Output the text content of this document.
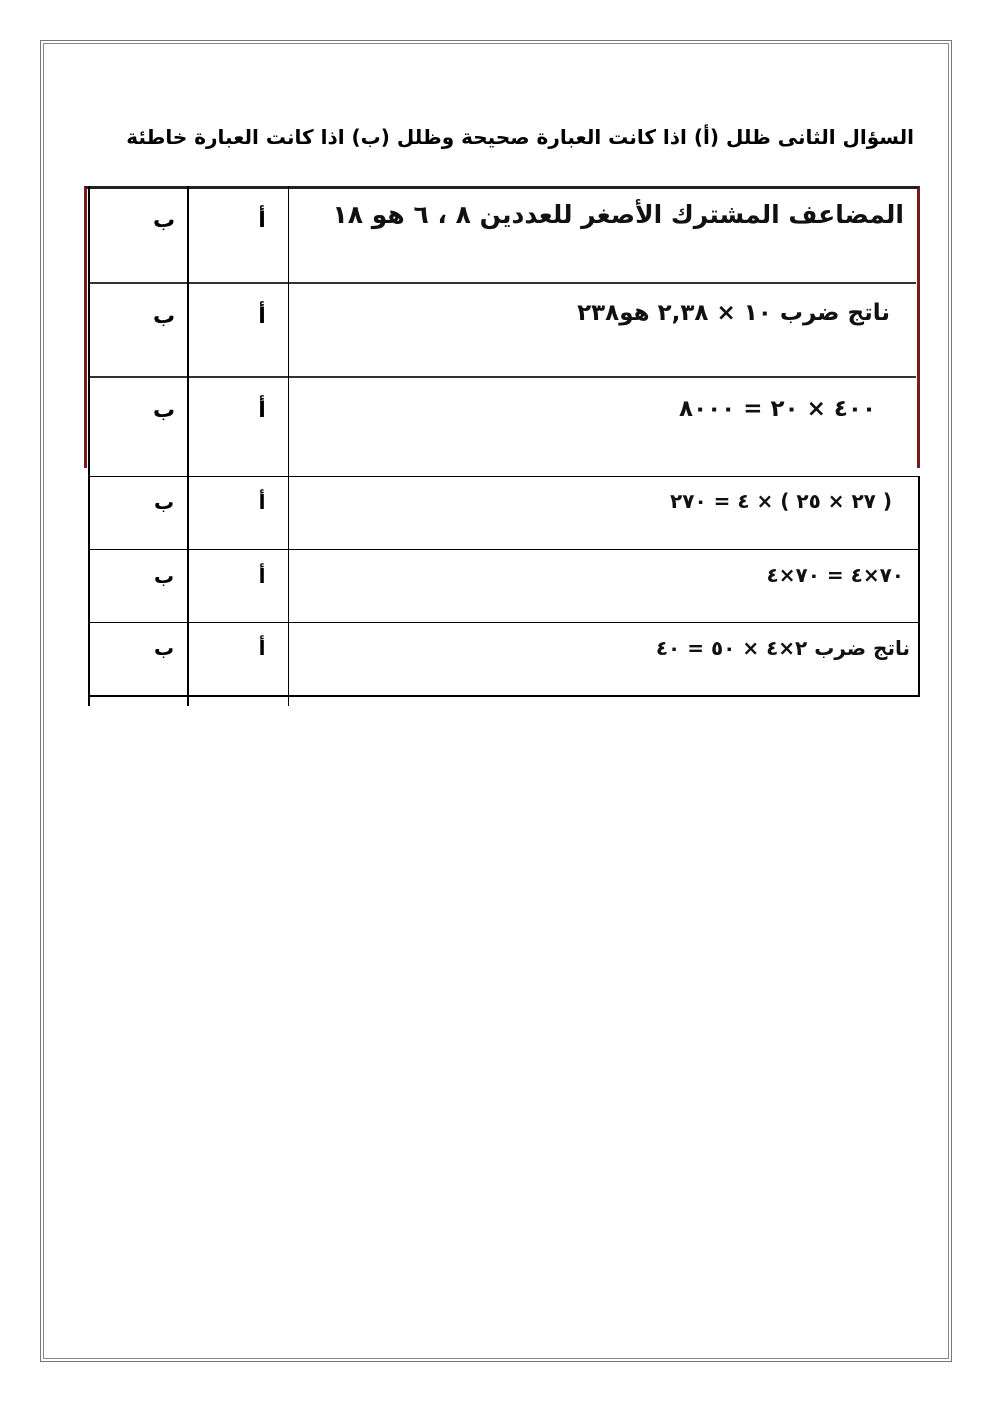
السؤال الثانى ظلل (أ) اذا كانت العبارة صحيحة وظلل (ب) اذا كانت العبارة خاطئة
المضاعف المشترك الأصغر للعددين ٨ ، ٦ هو ١٨
أ
ب
ناتج ضرب ١٠ × ٢,٣٨ هو٢٣٨
أ
ب
٤٠٠ × ٢٠ = ٨٠٠٠
أ
ب
( ٢٧ × ٢٥ ) × ٤ = ٢٧٠
أ
ب
٧٠×٤ = ٧٠×٤
أ
ب
ناتج ضرب ٢×٤ × ٥٠ = ٤٠
أ
ب
